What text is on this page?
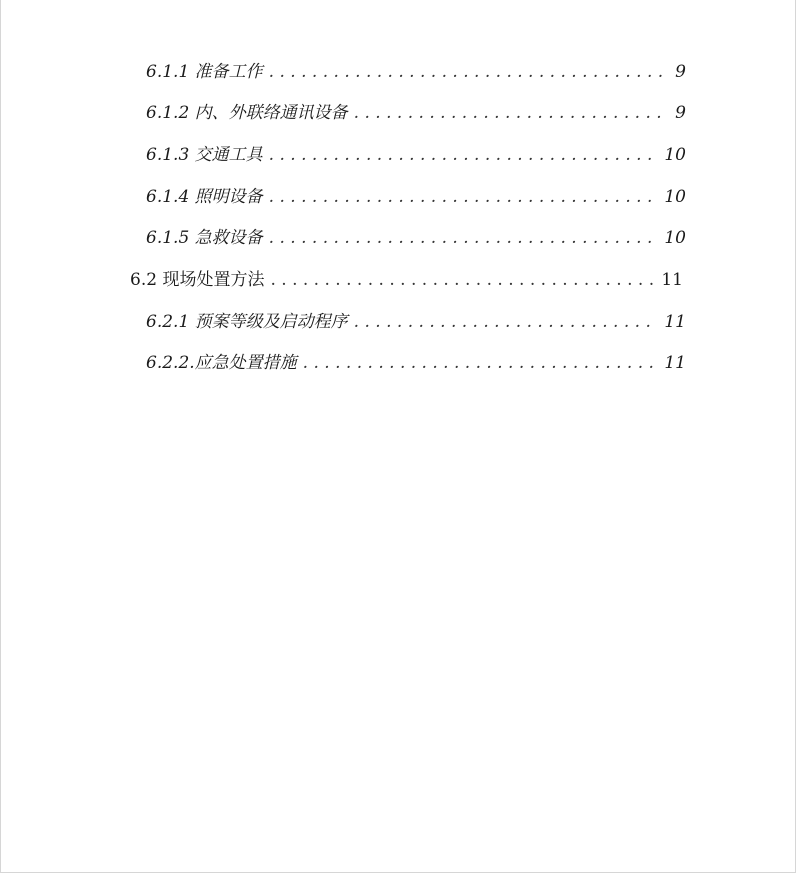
6.1.1 准备工作 . . .	9
6.1.2 内、外联络通讯设备 . . .	9
6.1.3 交通工具 . . .	10
6.1.4 照明设备 . . .	10
6.1.5 急救设备 . . .	10
6.2 现场处置方法 . . .	11
6.2.1 预案等级及启动程序 . . .	11
6.2.2.应急处置措施 . . .	11
